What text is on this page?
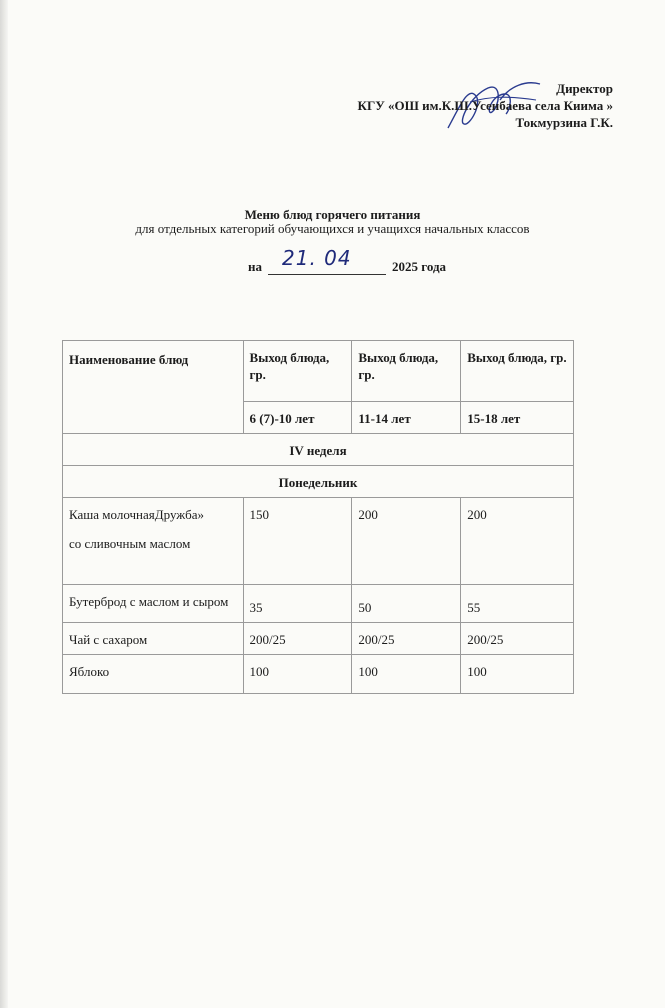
Директор
КГУ «ОШ им.К.Ш.Усенбаева села Киима »
Токмурзина Г.К.
Меню блюд горячего питания
для отдельных категорий обучающихся и учащихся начальных классов
на 21. 04	2025 года
Наименование блюд	Выход блюда, гр.	Выход блюда, гр.	Выход блюда, гр.
	6 (7)-10 лет	11-14 лет	15-18 лет
IV неделя			
Понедельник			

Каша молочнаяДружба»
со сливочным маслом	150	200	200
Бутерброд с маслом и сыром	35	50	55
Чай с сахаром	200/25	200/25	200/25
Яблоко	100	100	100
